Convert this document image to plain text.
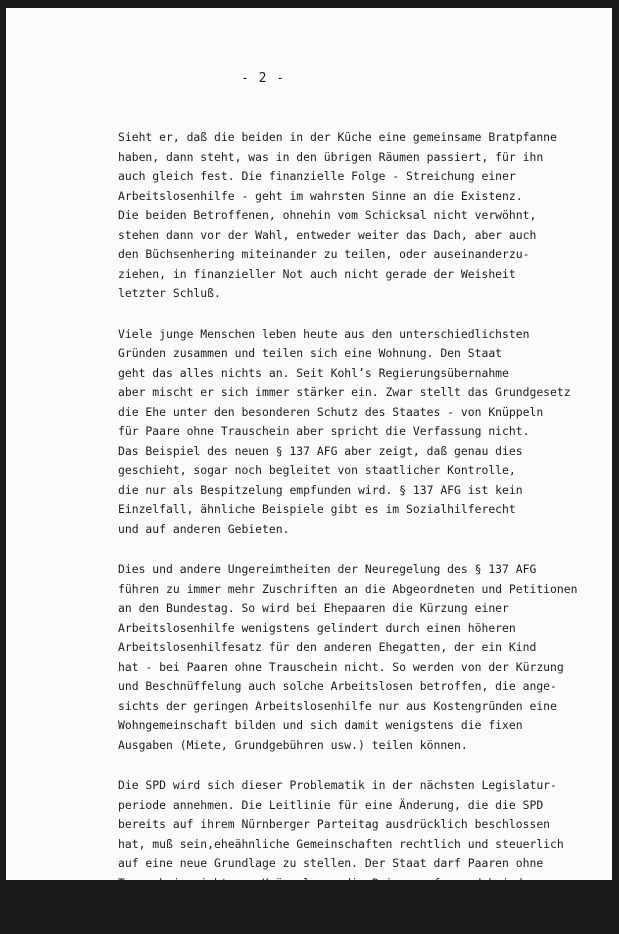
- 2 -
Sieht er, daß die beiden in der Küche eine gemeinsame Bratpfanne
haben, dann steht, was in den übrigen Räumen passiert, für ihn
auch gleich fest. Die finanzielle Folge - Streichung einer
Arbeitslosenhilfe - geht im wahrsten Sinne an die Existenz.
Die beiden Betroffenen, ohnehin vom Schicksal nicht verwöhnt,
stehen dann vor der Wahl, entweder weiter das Dach, aber auch
den Büchsenhering miteinander zu teilen, oder auseinanderzu-
ziehen, in finanzieller Not auch nicht gerade der Weisheit
letzter Schluß.
Viele junge Menschen leben heute aus den unterschiedlichsten
Gründen zusammen und teilen sich eine Wohnung. Den Staat
geht das alles nichts an. Seit Kohl’s Regierungsübernahme
aber mischt er sich immer stärker ein. Zwar stellt das Grundgesetz
die Ehe unter den besonderen Schutz des Staates - von Knüppeln
für Paare ohne Trauschein aber spricht die Verfassung nicht.
Das Beispiel des neuen § 137 AFG aber zeigt, daß genau dies
geschieht, sogar noch begleitet von staatlicher Kontrolle,
die nur als Bespitzelung empfunden wird. § 137 AFG ist kein
Einzelfall, ähnliche Beispiele gibt es im Sozialhilferecht
und auf anderen Gebieten.
Dies und andere Ungereimtheiten der Neuregelung des § 137 AFG
führen zu immer mehr Zuschriften an die Abgeordneten und Petitionen
an den Bundestag. So wird bei Ehepaaren die Kürzung einer
Arbeitslosenhilfe wenigstens gelindert durch einen höheren
Arbeitslosenhilfesatz für den anderen Ehegatten, der ein Kind
hat - bei Paaren ohne Trauschein nicht. So werden von der Kürzung
und Beschnüffelung auch solche Arbeitslosen betroffen, die ange-
sichts der geringen Arbeitslosenhilfe nur aus Kostengründen eine
Wohngemeinschaft bilden und sich damit wenigstens die fixen
Ausgaben (Miete, Grundgebühren usw.) teilen können.
Die SPD wird sich dieser Problematik in der nächsten Legislatur-
periode annehmen. Die Leitlinie für eine Änderung, die die SPD
bereits auf ihrem Nürnberger Parteitag ausdrücklich beschlossen
hat, muß sein,eheähnliche Gemeinschaften rechtlich und steuerlich
auf eine neue Grundlage zu stellen. Der Staat darf Paaren ohne
Trauschein nicht nur Knüppel vor die Beine werfen und bei der
Verteilung von Vorteilen nichts von ihnen wissen wollen.
